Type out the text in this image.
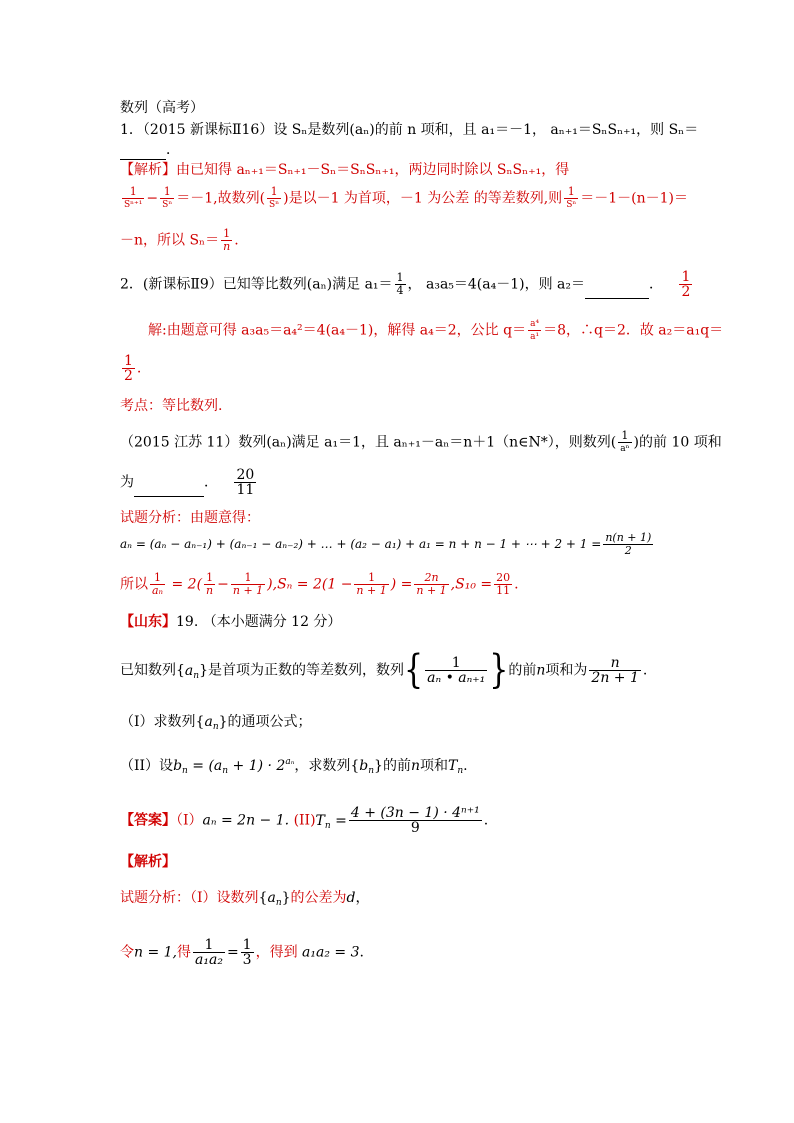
数列（高考）
1．（2015 新课标Ⅱ16）设 Sₙ是数列(aₙ)的前 n 项和，且 a₁＝－1， aₙ₊₁＝SₙSₙ₊₁，则 Sₙ＝
．
【解析】由已知得 aₙ₊₁＝Sₙ₊₁－Sₙ＝SₙSₙ₊₁，两边同时除以 SₙSₙ₊₁，得
$\frac{1}{\text{Sⁿ⁺¹}} - \frac{1}{\text{Sⁿ}} =-1$,故数列( $\frac{1}{\text{Sⁿ}}$ )是以－1 为首项，－1 为公差 的等差数列,则 $\frac{1}{\text{Sⁿ}} =-1-(n-1)=$
－n，所以 $S_n= \frac{1}{n}$ .
2．(新课标Ⅱ9）已知等比数列(aₙ)满足 $a_1= \frac{1}{4}$ ， a₃a₅＝4(a₄－1)，则 a₂＝	． $\frac{1}{2}$
解:由题意可得 a₃a₅＝a₄²＝4(a₄－1)，解得 a₄＝2，公比 $q= \frac{\text{a⁴}}{\text{a¹}} =8$，∴q＝2．故 a₂＝a₁q＝
$\frac{1}{2}$ .
考点：等比数列.
（2015 江苏 11）数列(aₙ)满足 a₁＝1，且 aₙ₊₁－aₙ＝n＋1（n∈N*），则数列( $\frac{1}{\text{aⁿ}}$ )的前 10 项和
为	． $\frac{20}{11}$
试题分析：由题意得：
aₙ = (aₙ − aₙ₋₁) + (aₙ₋₁ − aₙ₋₂) + … + (a₂ − a₁) + a₁ = n + n − 1 + ⋯ + $2 + 1 = \frac{n(n + 1)}{2}$
所以 $\frac{1}{\text{aₙ}} = 2( \frac{1}{n} - \frac{1}{n + 1} ),S_n = 2(1 - \frac{1}{n + 1}$ ) = $\frac{2n}{n + 1} ,S_{10} = \frac{20}{11}$ .
【山东】19. （本小题满分 12 分）
已知数列$\{a_n\}$是首项为正数的等差数列，数列{ $\frac{1}{\text{aₙ • aₙ₊₁}}$ }的前n项和为 $\frac{n}{2n + 1}$ .
（I）求数列$\{a_n\}$的通项公式；
（II）设$b_n = (a_n + 1) \cdot 2^{a_n}$，求数列$\{b_n\}$的前n项和$T_n$.
【答案】（I）aₙ = 2n − 1. $(II)T_n = \frac{\text{4 + (3n − 1) · 4ⁿ⁺¹}}{9}$ .
【解析】
试题分析：（I）设数列$\{a_n\}$的公差为d，
令n = 1,得 $\frac{1}{\text{a₁a₂}} = \frac{1}{3}$ ，得到 a₁a₂ = 3.
